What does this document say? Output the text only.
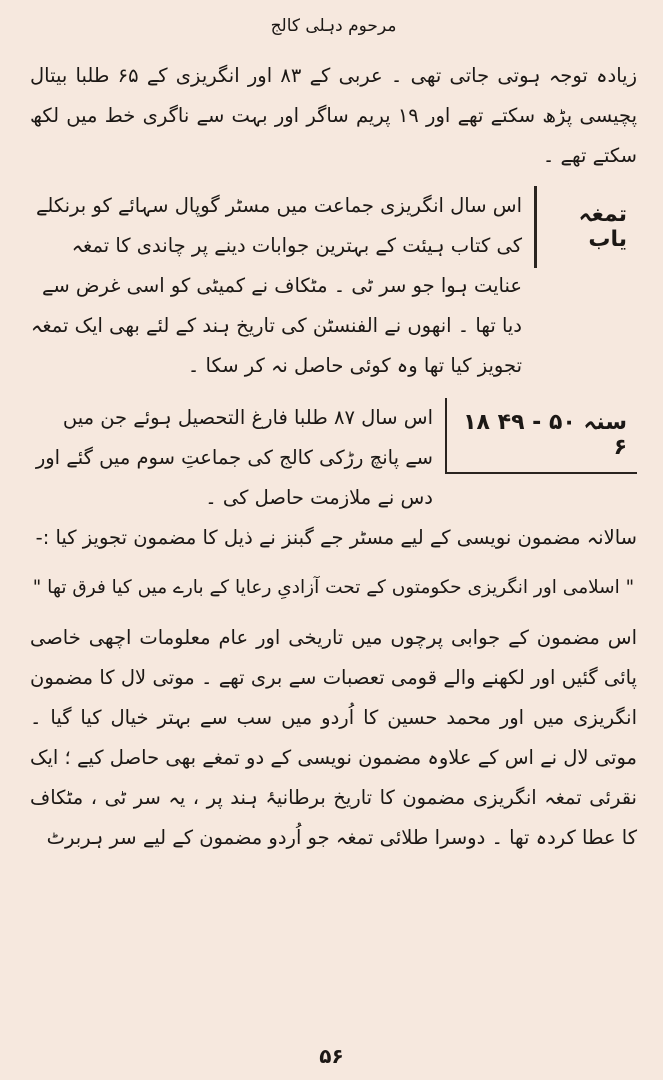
مرحوم دہلی کالج

زیادہ توجہ ہوتی جاتی تھی ۔ عربی کے ۸۳ اور انگریزی کے ۶۵ طلبا بیتال پچیسی پڑھ سکتے تھے اور ۱۹ پریم ساگر اور بہت سے ناگری خط میں لکھ سکتے تھے ۔

تمغہ یاب
اس سال انگریزی جماعت میں مسٹر گوپال سہائے کو برنکلے کی کتاب ہیئت کے بہترین جوابات دینے پر چاندی کا تمغہ عنایت ہوا جو سر ٹی ۔ مٹکاف نے کمیٹی کو اسی غرض سے دیا تھا ۔ انھوں نے الفنسٹن کی تاریخ ہند کے لئے بھی ایک تمغہ تجویز کیا تھا وہ کوئی حاصل نہ کر سکا ۔
سنہ ۵۰ - ۴۹ ۱۸ ۶
اس سال ۸۷ طلبا فارغ التحصیل ہوئے جن میں سے پانچ رڑکی کالج کی جماعتِ سوم میں گئے اور دس نے ملازمت حاصل کی ۔

سالانہ مضمون نویسی کے لیے مسٹر جے گبنز نے ذیل کا مضمون تجویز کیا :-

" اسلامی اور انگریزی حکومتوں کے تحت آزادیِ رعایا کے بارے میں کیا فرق تھا "

اس مضمون کے جوابی پرچوں میں تاریخی اور عام معلومات اچھی خاصی پائی گئیں اور لکھنے والے قومی تعصبات سے بری تھے ۔ موتی لال کا مضمون انگریزی میں اور محمد حسین کا اُردو میں سب سے بہتر خیال کیا گیا ۔ موتی لال نے اس کے علاوہ مضمون نویسی کے دو تمغے بھی حاصل کیے ؛ ایک نقرئی تمغہ انگریزی مضمون کا تاریخ برطانیۂ ہند پر ، یہ سر ٹی ، مٹکاف کا عطا کردہ تھا ۔ دوسرا طلائی تمغہ جو اُردو مضمون کے لیے سر ہربرٹ

۵۶
